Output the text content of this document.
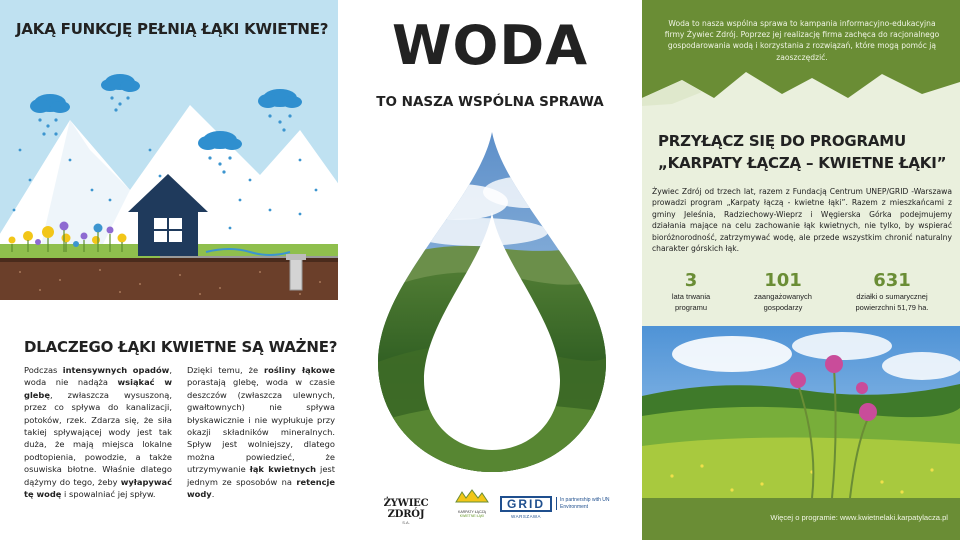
JAKĄ FUNKCJĘ PEŁNIĄ ŁĄKI KWIETNE?
DLACZEGO ŁĄKI KWIETNE SĄ WAŻNE?

Podczas intensywnych opadów, woda nie nadąża wsiąkać w glebę, zwłaszcza wysuszoną, przez co spływa do kanalizacji, potoków, rzek. Zdarza się, że siła takiej spływającej wody jest tak duża, że mają miejsca lokalne podtopienia, powodzie, a także osuwiska błotne. Właśnie dlatego dążymy do tego, żeby wyłapywać tę wodę i spowalniać jej spływ.

Dzięki temu, że rośliny łąkowe porastają glebę, woda w czasie deszczów (zwłaszcza ulewnych, gwałtownych) nie spływa błyskawicznie i nie wypłukuje przy okazji składników mineralnych. Spływ jest wolniejszy, dlatego można powiedzieć, że utrzymywanie łąk kwietnych jest jednym ze sposobów na retencje wody.

WODA
TO NASZA WSPÓLNA SPRAWA
ŻYWIEC ZDRÓJ
S.A.
KARPATY ŁĄCZĄ
KWIETNE ŁĄKI
GRID
WARSZAWA
In partnership with UN Environment

Woda to nasza wspólna sprawa to kampania informacyjno-edukacyjna firmy Żywiec Zdrój. Poprzez jej realizację firma zachęca do racjonalnego gospodarowania wodą i korzystania z rozwiązań, które mogą pomóc ją zaoszczędzić.

PRZYŁĄCZ SIĘ DO PROGRAMU
„KARPATY ŁĄCZĄ – KWIETNE ŁĄKI”

Żywiec Zdrój od trzech lat, razem z Fundacją Centrum UNEP/GRID -Warszawa prowadzi program „Karpaty łączą - kwietne łąki”. Razem z mieszkańcami z gminy Jeleśnia, Radziechowy-Wieprz i Węgierska Górka podejmujemy działania mające na celu zachowanie łąk kwietnych, nie tylko, by wspierać bioróżnorodność, zatrzymywać wodę, ale przede wszystkim chronić naturalny charakter górskich łąk.

3
lata trwania
programu
101
zaangażowanych
gospodarzy
631
działki o sumarycznej
powierzchni 51,79 ha.

Więcej o programie: www.kwietnelaki.karpatylacza.pl
